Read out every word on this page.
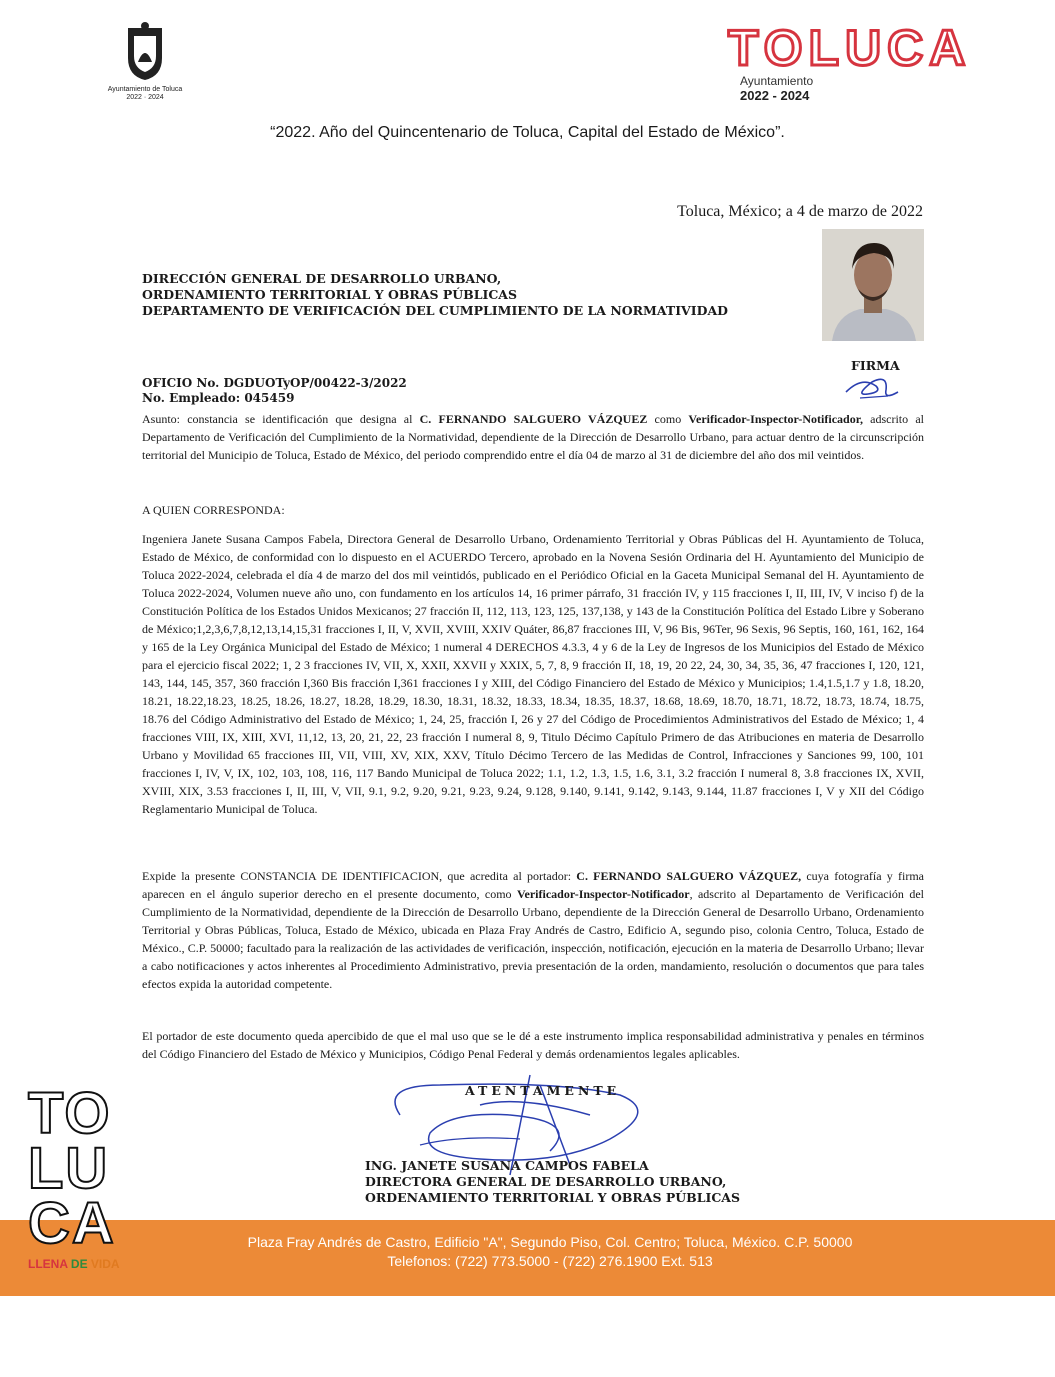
Ayuntamiento de Toluca
2022 · 2024
TOLUCA
Ayuntamiento
2022 - 2024
“2022. Año del Quincentenario de Toluca, Capital del Estado de México”.
Toluca, México; a 4 de marzo de 2022
DIRECCIÓN GENERAL DE DESARROLLO URBANO,
ORDENAMIENTO TERRITORIAL Y OBRAS PÚBLICAS
DEPARTAMENTO DE VERIFICACIÓN DEL CUMPLIMIENTO DE LA NORMATIVIDAD
FIRMA
OFICIO No. DGDUOTyOP/00422-3/2022
No. Empleado: 045459
Asunto: constancia se identificación que designa al C. FERNANDO SALGUERO VÁZQUEZ como Verificador-Inspector-Notificador, adscrito al Departamento de Verificación del Cumplimiento de la Normatividad, dependiente de la Dirección de Desarrollo Urbano, para actuar dentro de la circunscripción territorial del Municipio de Toluca, Estado de México, del periodo comprendido entre el día 04 de marzo al 31 de diciembre del año dos mil veintidos.
A QUIEN CORRESPONDA:
Ingeniera Janete Susana Campos Fabela, Directora General de Desarrollo Urbano, Ordenamiento Territorial y Obras Públicas del H. Ayuntamiento de Toluca, Estado de México, de conformidad con lo dispuesto en el ACUERDO Tercero, aprobado en la Novena Sesión Ordinaria del H. Ayuntamiento del Municipio de Toluca 2022-2024, celebrada el día 4 de marzo del dos mil veintidós, publicado en el Periódico Oficial en la Gaceta Municipal Semanal del H. Ayuntamiento de Toluca 2022-2024, Volumen nueve año uno, con fundamento en los artículos 14, 16 primer párrafo, 31 fracción IV, y 115 fracciones I, II, III, IV, V inciso f) de la Constitución Política de los Estados Unidos Mexicanos; 27 fracción II, 112, 113, 123, 125, 137,138, y 143 de la Constitución Política del Estado Libre y Soberano de México;1,2,3,6,7,8,12,13,14,15,31 fracciones I, II, V, XVII, XVIII, XXIV Quáter, 86,87 fracciones III, V, 96 Bis, 96Ter, 96 Sexis, 96 Septis, 160, 161, 162, 164 y 165 de la Ley Orgánica Municipal del Estado de México; 1 numeral 4 DERECHOS 4.3.3, 4 y 6 de la Ley de Ingresos de los Municipios del Estado de México para el ejercicio fiscal 2022; 1, 2 3 fracciones IV, VII, X, XXII, XXVII y XXIX, 5, 7, 8, 9 fracción II, 18, 19, 20 22, 24, 30, 34, 35, 36, 47 fracciones I, 120, 121, 143, 144, 145, 357, 360 fracción I,360 Bis fracción I,361 fracciones I y XIII, del Código Financiero del Estado de México y Municipios; 1.4,1.5,1.7 y 1.8, 18.20, 18.21, 18.22,18.23, 18.25, 18.26, 18.27, 18.28, 18.29, 18.30, 18.31, 18.32, 18.33, 18.34, 18.35, 18.37, 18.68, 18.69, 18.70, 18.71, 18.72, 18.73, 18.74, 18.75, 18.76 del Código Administrativo del Estado de México; 1, 24, 25, fracción I, 26 y 27 del Código de Procedimientos Administrativos del Estado de México; 1, 4 fracciones VIII, IX, XIII, XVI, 11,12, 13, 20, 21, 22, 23 fracción I numeral 8, 9, Titulo Décimo Capítulo Primero de das Atribuciones en materia de Desarrollo Urbano y Movilidad 65 fracciones III, VII, VIII, XV, XIX, XXV, Título Décimo Tercero de las Medidas de Control, Infracciones y Sanciones 99, 100, 101 fracciones I, IV, V, IX, 102, 103, 108, 116, 117 Bando Municipal de Toluca 2022; 1.1, 1.2, 1.3, 1.5, 1.6, 3.1, 3.2 fracción I numeral 8, 3.8 fracciones IX, XVII, XVIII, XIX, 3.53 fracciones I, II, III, V, VII, 9.1, 9.2, 9.20, 9.21, 9.23, 9.24, 9.128, 9.140, 9.141, 9.142, 9.143, 9.144, 11.87 fracciones I, V y XII del Código Reglamentario Municipal de Toluca.
Expide la presente CONSTANCIA DE IDENTIFICACION, que acredita al portador: C. FERNANDO SALGUERO VÁZQUEZ, cuya fotografía y firma aparecen en el ángulo superior derecho en el presente documento, como Verificador-Inspector-Notificador, adscrito al Departamento de Verificación del Cumplimiento de la Normatividad, dependiente de la Dirección de Desarrollo Urbano, dependiente de la Dirección General de Desarrollo Urbano, Ordenamiento Territorial y Obras Públicas, Toluca, Estado de México, ubicada en Plaza Fray Andrés de Castro, Edificio A, segundo piso, colonia Centro, Toluca, Estado de México., C.P. 50000; facultado para la realización de las actividades de verificación, inspección, notificación, ejecución en la materia de Desarrollo Urbano; llevar a cabo notificaciones y actos inherentes al Procedimiento Administrativo, previa presentación de la orden, mandamiento, resolución o documentos que para tales efectos expida la autoridad competente.
El portador de este documento queda apercibido de que el mal uso que se le dé a este instrumento implica responsabilidad administrativa y penales en términos del Código Financiero del Estado de México y Municipios, Código Penal Federal y demás ordenamientos legales aplicables.
ATENTAMENTE
ING. JANETE SUSANA CAMPOS FABELA
DIRECTORA GENERAL DE DESARROLLO URBANO,
ORDENAMIENTO TERRITORIAL Y OBRAS PÚBLICAS
Plaza Fray Andrés de Castro, Edificio "A", Segundo Piso, Col. Centro; Toluca, México. C.P. 50000
Telefonos: (722) 773.5000 - (722) 276.1900 Ext. 513
TO
LU
CA
LLENA DE VIDA
